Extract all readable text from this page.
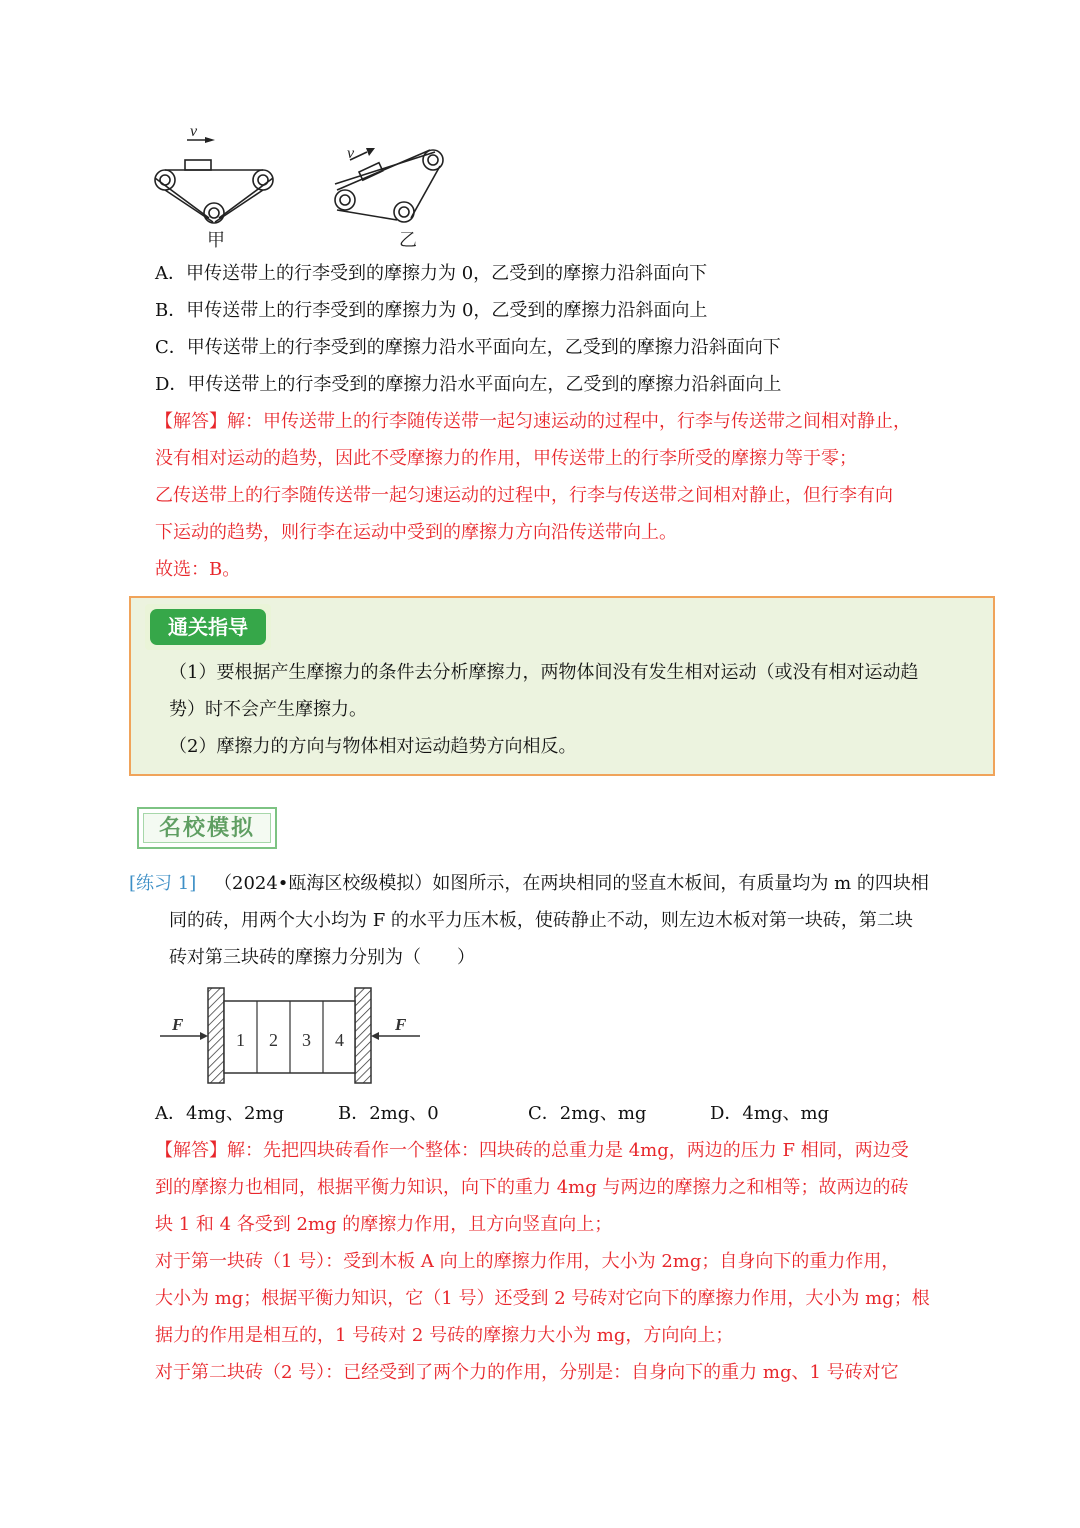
v
甲
v
乙
A．甲传送带上的行李受到的摩擦力为 0，乙受到的摩擦力沿斜面向下
B．甲传送带上的行李受到的摩擦力为 0，乙受到的摩擦力沿斜面向上
C．甲传送带上的行李受到的摩擦力沿水平面向左，乙受到的摩擦力沿斜面向下
D．甲传送带上的行李受到的摩擦力沿水平面向左，乙受到的摩擦力沿斜面向上
【解答】解：甲传送带上的行李随传送带一起匀速运动的过程中，行李与传送带之间相对静止，
没有相对运动的趋势，因此不受摩擦力的作用，甲传送带上的行李所受的摩擦力等于零；
乙传送带上的行李随传送带一起匀速运动的过程中，行李与传送带之间相对静止，但行李有向
下运动的趋势，则行李在运动中受到的摩擦力方向沿传送带向上。
故选：B。
通关指导
（1）要根据产生摩擦力的条件去分析摩擦力，两物体间没有发生相对运动（或没有相对运动趋
势）时不会产生摩擦力。
（2）摩擦力的方向与物体相对运动趋势方向相反。
名校模拟
[练习 1] （2024•瓯海区校级模拟）如图所示，在两块相同的竖直木板间，有质量均为 m 的四块相
同的砖，用两个大小均为 F 的水平力压木板，使砖静止不动，则左边木板对第一块砖，第二块
砖对第三块砖的摩擦力分别为（　　）
1 2 3 4
F	F
A．4mg、2mg	B．2mg、0	C．2mg、mg	D．4mg、mg
【解答】解：先把四块砖看作一个整体：四块砖的总重力是 4mg，两边的压力 F 相同，两边受
到的摩擦力也相同，根据平衡力知识，向下的重力 4mg 与两边的摩擦力之和相等；故两边的砖
块 1 和 4 各受到 2mg 的摩擦力作用，且方向竖直向上；
对于第一块砖（1 号）：受到木板 A 向上的摩擦力作用，大小为 2mg；自身向下的重力作用，
大小为 mg；根据平衡力知识，它（1 号）还受到 2 号砖对它向下的摩擦力作用，大小为 mg；根
据力的作用是相互的，1 号砖对 2 号砖的摩擦力大小为 mg，方向向上；
对于第二块砖（2 号）：已经受到了两个力的作用，分别是：自身向下的重力 mg、1 号砖对它
